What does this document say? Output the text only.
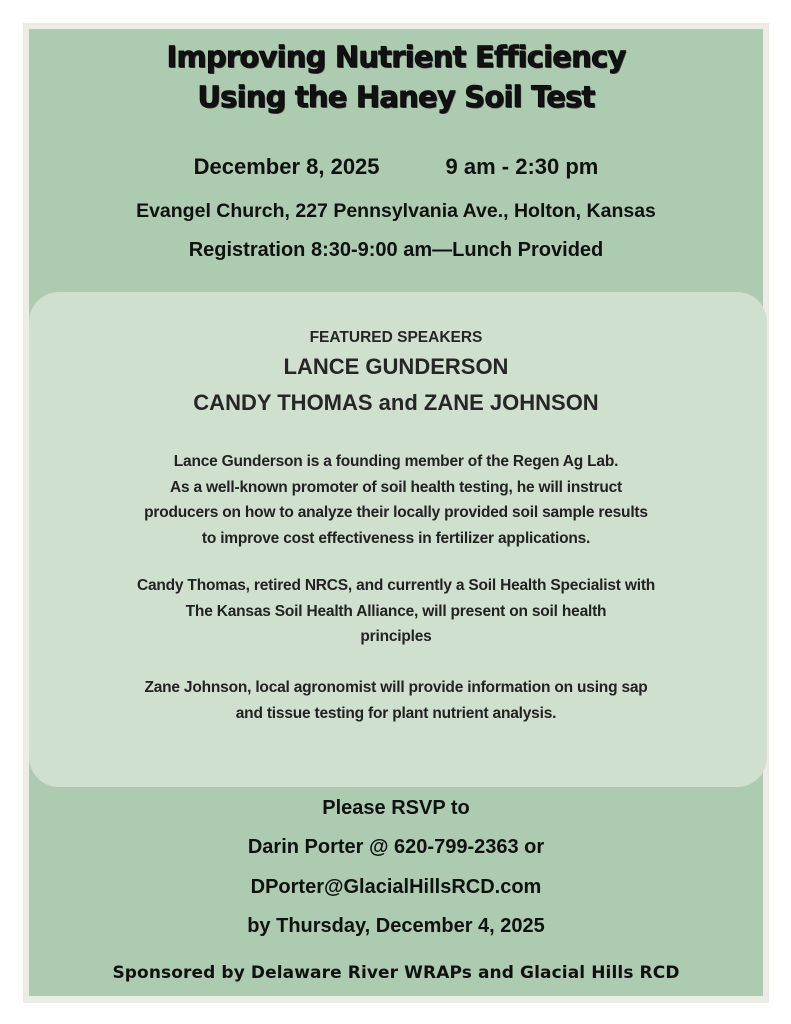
Improving Nutrient Efficiency
Using the Haney Soil Test
December 8, 2025	9 am - 2:30 pm
Evangel Church, 227 Pennsylvania Ave., Holton, Kansas
Registration 8:30-9:00 am—Lunch Provided
FEATURED SPEAKERS
LANCE GUNDERSON
CANDY THOMAS and ZANE JOHNSON
Lance Gunderson is a founding member of the Regen Ag Lab.
As a well-known promoter of soil health testing, he will instruct
producers on how to analyze their locally provided soil sample results
to improve cost effectiveness in fertilizer applications.
Candy Thomas, retired NRCS, and currently a Soil Health Specialist with
The Kansas Soil Health Alliance, will present on soil health
principles
Zane Johnson, local agronomist will provide information on using sap
and tissue testing for plant nutrient analysis.
Please RSVP to
Darin Porter @ 620-799-2363 or
DPorter@GlacialHillsRCD.com
by Thursday, December 4, 2025
Sponsored by Delaware River WRAPs and Glacial Hills RCD
